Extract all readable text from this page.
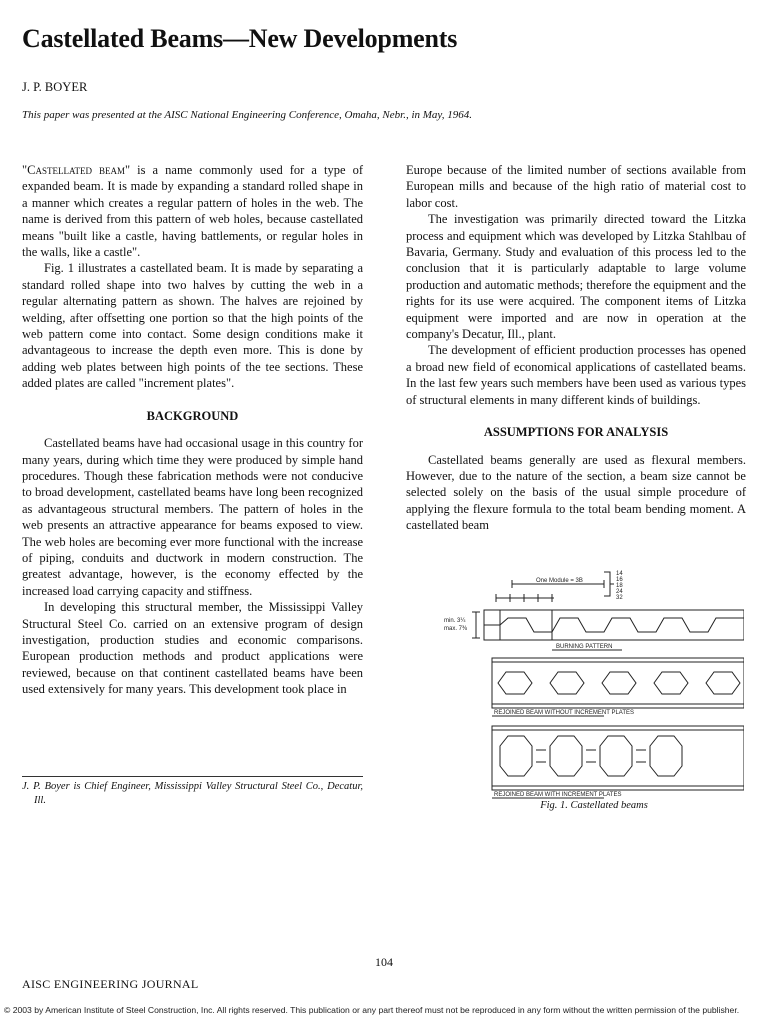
Castellated Beams—New Developments
J. P. BOYER
This paper was presented at the AISC National Engineering Conference, Omaha, Nebr., in May, 1964.

"Castellated beam" is a name commonly used for a type of expanded beam. It is made by expanding a standard rolled shape in a manner which creates a regular pattern of holes in the web. The name is derived from this pattern of web holes, because castellated means "built like a castle, having battlements, or regular holes in the walls, like a castle".

Fig. 1 illustrates a castellated beam. It is made by separating a standard rolled shape into two halves by cutting the web in a regular alternating pattern as shown. The halves are rejoined by welding, after offsetting one portion so that the high points of the web pattern come into contact. Some design conditions make it advantageous to increase the depth even more. This is done by adding web plates between high points of the tee sections. These added plates are called "increment plates".

BACKGROUND

Castellated beams have had occasional usage in this country for many years, during which time they were produced by simple hand procedures. Though these fabrication methods were not conducive to broad development, castellated beams have long been recognized as advantageous structural members. The pattern of holes in the web presents an attractive appearance for beams exposed to view. The web holes are becoming ever more functional with the increase of piping, conduits and ductwork in modern construction. The greatest advantage, however, is the economy effected by the increased load carrying capacity and stiffness.

In developing this structural member, the Mississippi Valley Structural Steel Co. carried on an extensive program of design investigation, production studies and economic comparisons. European production methods and product applications were reviewed, because on that continent castellated beams have been used extensively for many years. This development took place in

Europe because of the limited number of sections available from European mills and because of the high ratio of material cost to labor cost.

The investigation was primarily directed toward the Litzka process and equipment which was developed by Litzka Stahlbau of Bavaria, Germany. Study and evaluation of this process led to the conclusion that it is particularly adaptable to large volume production and automatic methods; therefore the equipment and the rights for its use were acquired. The component items of Litzka equipment were imported and are now in operation at the company's Decatur, Ill., plant.

The development of efficient production processes has opened a broad new field of economical applications of castellated beams. In the last few years such members have been used as various types of structural elements in many different kinds of buildings.

ASSUMPTIONS FOR ANALYSIS

Castellated beams generally are used as flexural members. However, due to the nature of the section, a beam size cannot be selected solely on the basis of the usual simple procedure of applying the flexure formula to the total beam bending moment. A castellated beam

J. P. Boyer is Chief Engineer, Mississippi Valley Structural Steel Co., Decatur, Ill.
One Module = 3B
14
16
18
24
32
min. 3¼
max. 7⅜
BURNING PATTERN
REJOINED BEAM WITHOUT INCREMENT PLATES
REJOINED BEAM WITH INCREMENT PLATES
Fig. 1. Castellated beams
104
AISC ENGINEERING JOURNAL
© 2003 by American Institute of Steel Construction, Inc. All rights reserved. This publication or any part thereof must not be reproduced in any form without the written permission of the publisher.
